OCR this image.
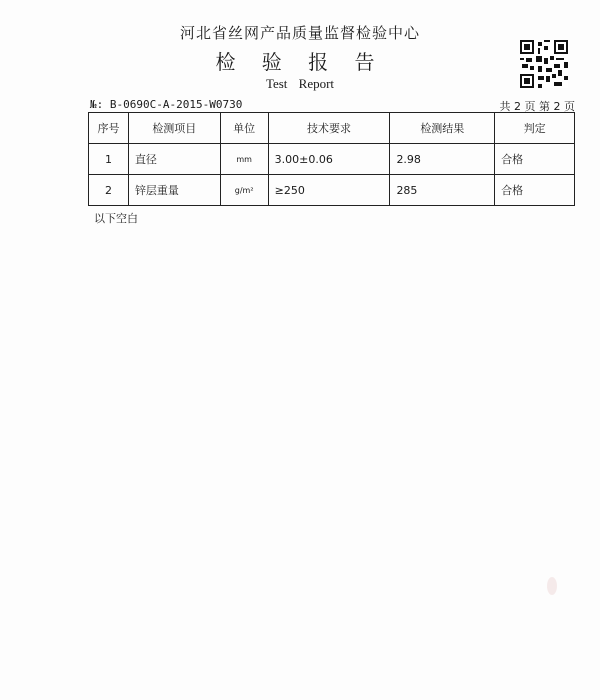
河北省丝网产品质量监督检验中心
检 验 报 告
Test Report
№: B-0690C-A-2015-W0730	共 2 页 第 2 页
序号	检测项目	单位	技术要求	检测结果	判定
1	直径	mm	3.00±0.06	2.98	合格
2	锌层重量	g/m²	≥250	285	合格
以下空白
